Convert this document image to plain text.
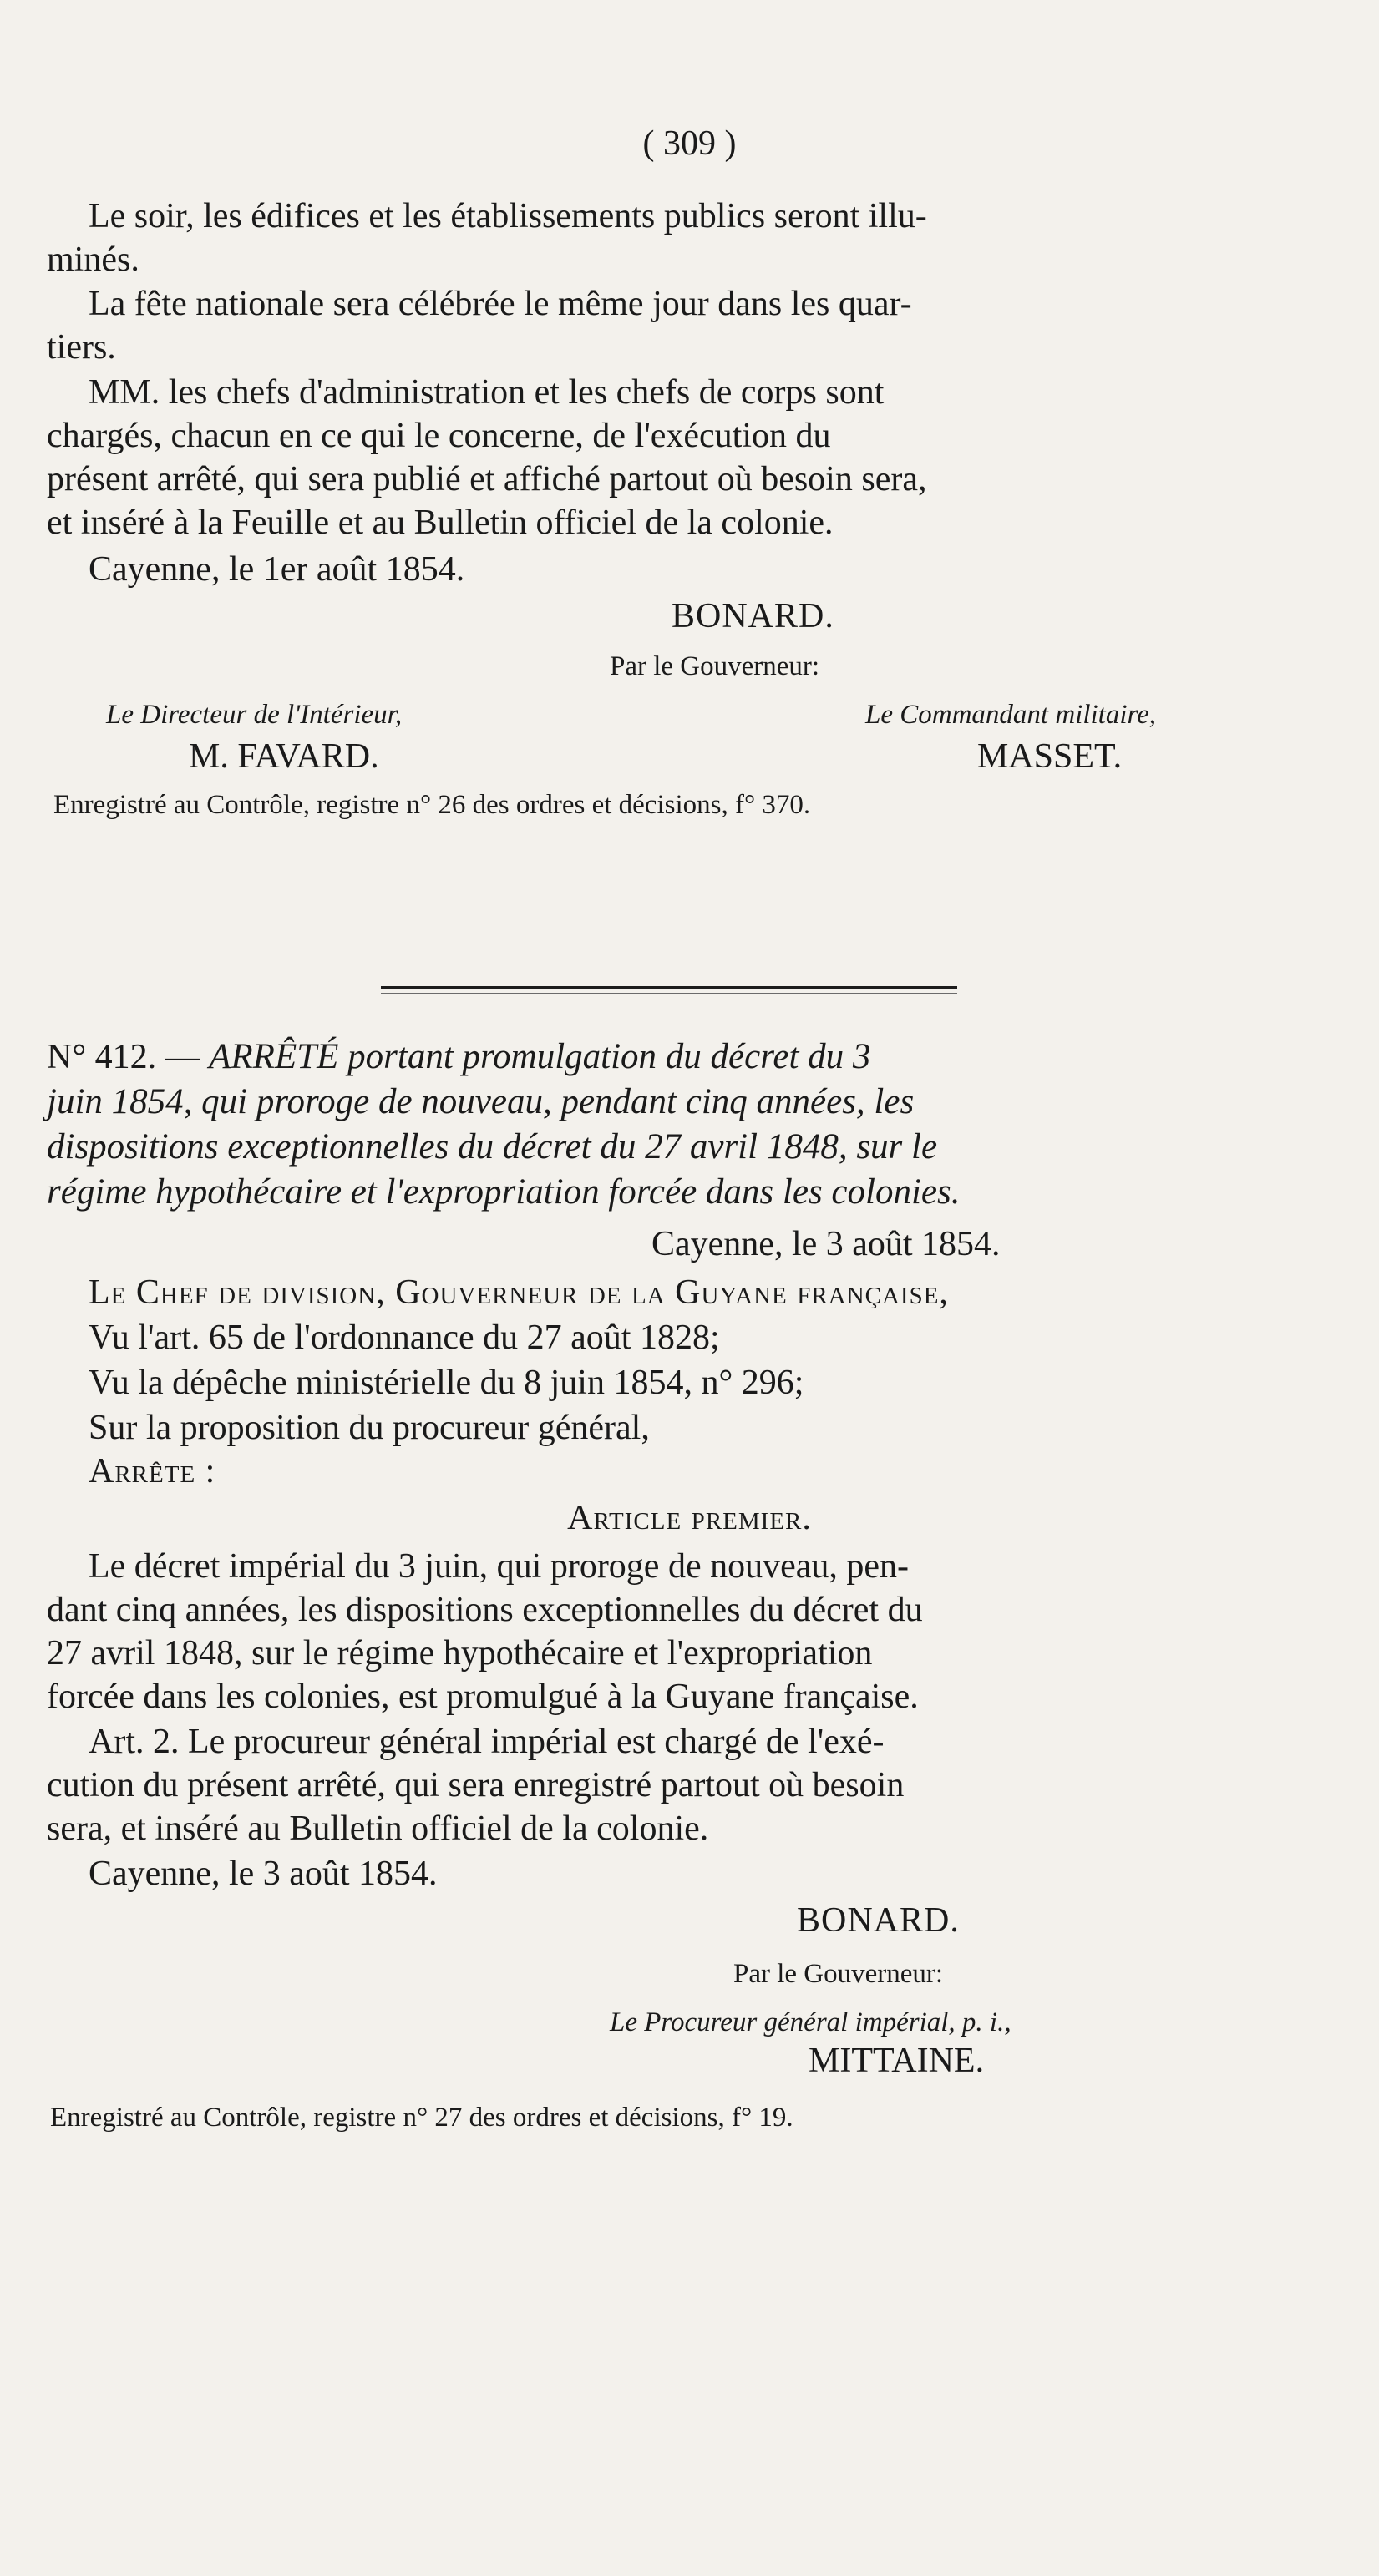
( 309 )
Le soir, les édifices et les établissements publics seront illu-
minés.
La fête nationale sera célébrée le même jour dans les quar-
tiers.
MM. les chefs d'administration et les chefs de corps sont
chargés, chacun en ce qui le concerne, de l'exécution du
présent arrêté, qui sera publié et affiché partout où besoin sera,
et inséré à la Feuille et au Bulletin officiel de la colonie.
Cayenne, le 1er août 1854.
BONARD.
Par le Gouverneur:
Le Directeur de l'Intérieur,	Le Commandant militaire,
M. FAVARD.	MASSET.
Enregistré au Contrôle, registre n° 26 des ordres et décisions, f° 370.
N° 412. — ARRÊTÉ portant promulgation du décret du 3
juin 1854, qui proroge de nouveau, pendant cinq années, les
dispositions exceptionnelles du décret du 27 avril 1848, sur le
régime hypothécaire et l'expropriation forcée dans les colonies.
Cayenne, le 3 août 1854.
Le Chef de division, Gouverneur de la Guyane française,
Vu l'art. 65 de l'ordonnance du 27 août 1828;
Vu la dépêche ministérielle du 8 juin 1854, n° 296;
Sur la proposition du procureur général,
Arrête :
Article premier.
Le décret impérial du 3 juin, qui proroge de nouveau, pen-
dant cinq années, les dispositions exceptionnelles du décret du
27 avril 1848, sur le régime hypothécaire et l'expropriation
forcée dans les colonies, est promulgué à la Guyane française.
Art. 2. Le procureur général impérial est chargé de l'exé-
cution du présent arrêté, qui sera enregistré partout où besoin
sera, et inséré au Bulletin officiel de la colonie.
Cayenne, le 3 août 1854.
BONARD.
Par le Gouverneur:
Le Procureur général impérial, p. i.,
MITTAINE.
Enregistré au Contrôle, registre n° 27 des ordres et décisions, f° 19.
